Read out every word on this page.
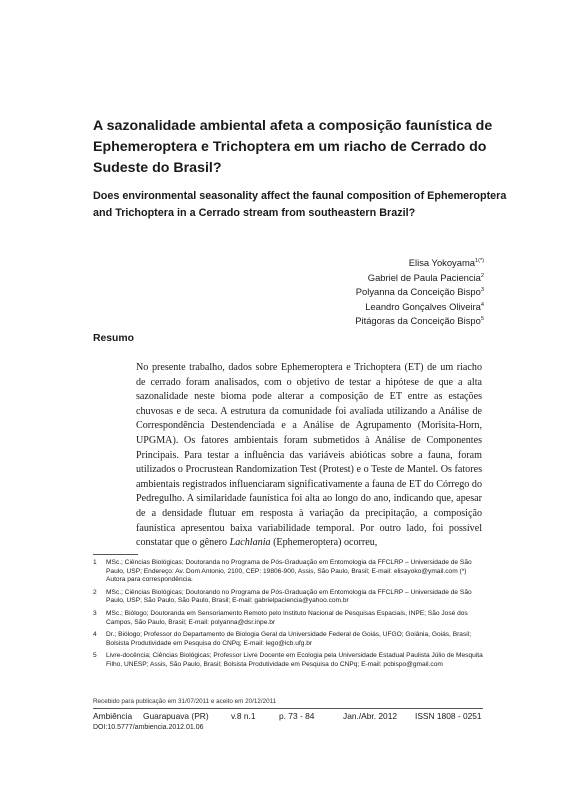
A sazonalidade ambiental afeta a composição faunística de Ephemeroptera e Trichoptera em um riacho de Cerrado do Sudeste do Brasil?
Does environmental seasonality affect the faunal composition of Ephemeroptera and Trichoptera in a Cerrado stream from southeastern Brazil?
Elisa Yokoyama$^{1(*)}$
Gabriel de Paula Paciencia$^2$
Polyanna da Conceição Bispo$^3$
Leandro Gonçalves Oliveira$^4$
Pitágoras da Conceição Bispo$^5$
Resumo
No presente trabalho, dados sobre Ephemeroptera e Trichoptera (ET) de um riacho de cerrado foram analisados, com o objetivo de testar a hipótese de que a alta sazonalidade neste bioma pode alterar a composição de ET entre as estações chuvosas e de seca. A estrutura da comunidade foi avaliada utilizando a Análise de Correspondência Destendenciada e a Análise de Agrupamento (Morisita-Horn, UPGMA). Os fatores ambientais foram submetidos à Análise de Componentes Principais. Para testar a influência das variáveis abióticas sobre a fauna, foram utilizados o Procrustean Randomization Test (Protest) e o Teste de Mantel. Os fatores ambientais registrados influenciaram significativamente a fauna de ET do Córrego do Pedregulho. A similaridade faunística foi alta ao longo do ano, indicando que, apesar de a densidade flutuar em resposta à variação da precipitação, a composição faunística apresentou baixa variabilidade temporal. Por outro lado, foi possível constatar que o gênero Lachlania (Ephemeroptera) ocorreu,
1	MSc.; Ciências Biológicas; Doutoranda no Programa de Pós-Graduação em Entomologia da FFCLRP – Universidade de São Paulo, USP; Endereço: Av. Dom Antonio, 2100, CEP: 19806-900, Assis, São Paulo, Brasil; E-mail: elisayoko@ymail.com (*) Autora para correspondência.
2	MSc.; Ciências Biológicas; Doutorando no Programa de Pós-Graduação em Entomologia da FFCLRP – Universidade de São Paulo, USP; São Paulo, São Paulo, Brasil; E-mail: gabrielpaciencia@yahoo.com.br
3	MSc.; Biólogo; Doutoranda em Sensoriamento Remoto pelo Instituto Nacional de Pesquisas Espaciais, INPE; São José dos Campos, São Paulo, Brasil; E-mail: polyanna@dsr.inpe.br
4	Dr.; Biólogo; Professor do Departamento de Biologia Geral da Universidade Federal de Goiás, UFGO; Goiânia, Goiás, Brasil; Bolsista Produtividade em Pesquisa do CNPq; E-mail: lego@icb.ufg.br
5	Livre-docência; Ciências Biológicas; Professor Livre Docente em Ecologia pela Universidade Estadual Paulista Júlio de Mesquita Filho, UNESP; Assis, São Paulo, Brasil; Bolsista Produtividade em Pesquisa do CNPq; E-mail: pcbispo@gmail.com
Recebido para publicação em 31/07/2011 e aceito em 20/12/2011
Ambiência Guarapuava (PR)	v.8 n.1	p. 73 - 84	Jan./Abr. 2012 ISSN 1808 - 0251
DOI:10.5777/ambiencia.2012.01.06
